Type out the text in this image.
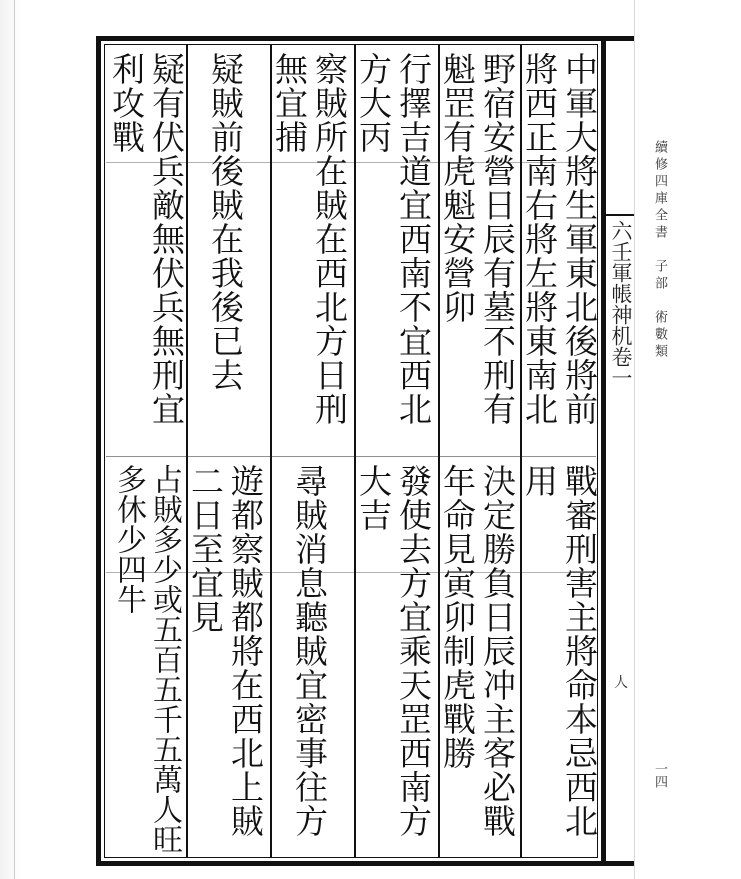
中軍大將生軍東北後將前將西正南右將左將東南北
戰審刑害主將命本忌西北用
野宿安營日辰有墓不刑有魁罡有虎魁安營卯
決定勝負日辰冲主客必戰年命見寅卯制虎戰勝
行擇吉道宜西南不宜西北方大丙
發使去方宜乘天罡西南方大吉
察賊所在賊在西北方日刑無宜捕
尋賊消息聽賊宜密事往方
疑賊前後賊在我後已去
遊都察賊都將在西北上賊二日至宜見
疑有伏兵敵無伏兵無刑宜利攻戰
占賊多少或五百五千五萬人旺多休少四牛
六壬軍帳神机卷一
人
續修四庫全書　子部　術數類
一四
